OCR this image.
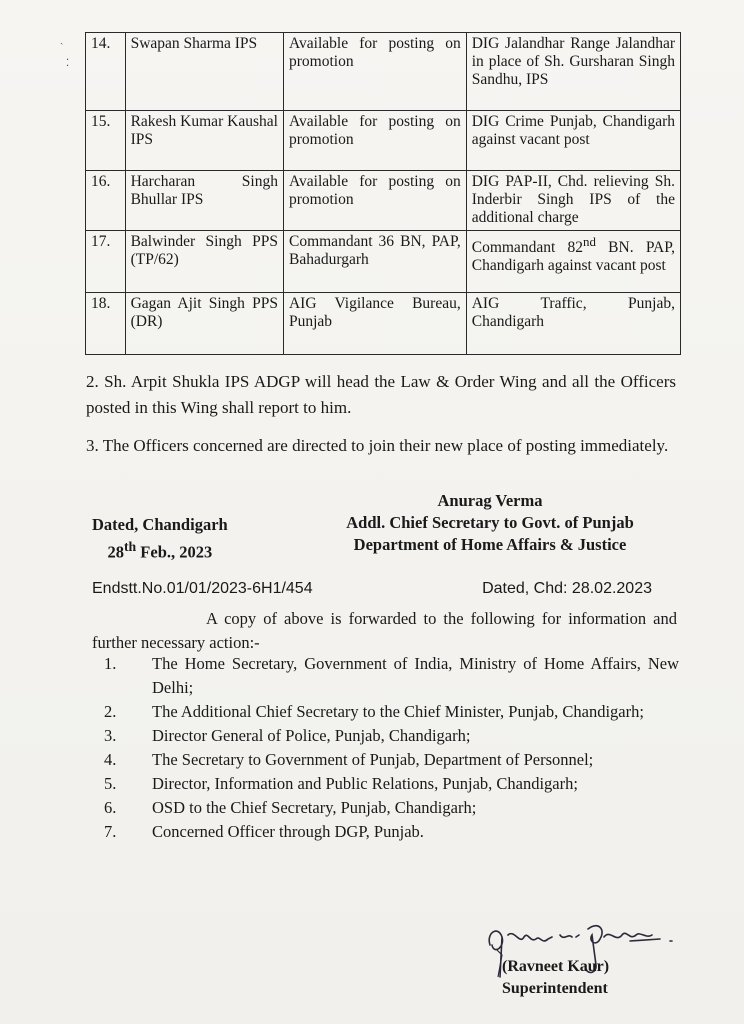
ˎ
⁚
14.	Swapan Sharma IPS	Available for posting on promotion	DIG Jalandhar Range Jalandhar in place of Sh. Gursharan Singh Sandhu, IPS
15.	Rakesh Kumar Kaushal IPS	Available for posting on promotion	DIG Crime Punjab, Chandigarh against vacant post
16.	Harcharan Singh Bhullar IPS	Available for posting on promotion	DIG PAP-II, Chd. relieving Sh. Inderbir Singh IPS of the additional charge
17.	Balwinder Singh PPS (TP/62)	Commandant 36 BN, PAP, Bahadurgarh	Commandant 82nd BN. PAP, Chandigarh against vacant post
18.	Gagan Ajit Singh PPS (DR)	AIG Vigilance Bureau, Punjab	AIG Traffic, Punjab, Chandigarh
2. Sh. Arpit Shukla IPS ADGP will head the Law & Order Wing and all the Officers posted in this Wing shall report to him.
3. The Officers concerned are directed to join their new place of posting immediately.
Anurag Verma
Addl. Chief Secretary to Govt. of Punjab
Department of Home Affairs & Justice
Dated, Chandigarh
28th Feb., 2023
Endstt.No.01/01/2023-6H1/454	Dated, Chd: 28.02.2023
A copy of above is forwarded to the following for information and further necessary action:-
1.	The Home Secretary, Government of India, Ministry of Home Affairs, New Delhi;
2.	The Additional Chief Secretary to the Chief Minister, Punjab, Chandigarh;
3.	Director General of Police, Punjab, Chandigarh;
4.	The Secretary to Government of Punjab, Department of Personnel;
5.	Director, Information and Public Relations, Punjab, Chandigarh;
6.	OSD to the Chief Secretary, Punjab, Chandigarh;
7.	Concerned Officer through DGP, Punjab.
(Ravneet Kaur)
Superintendent
